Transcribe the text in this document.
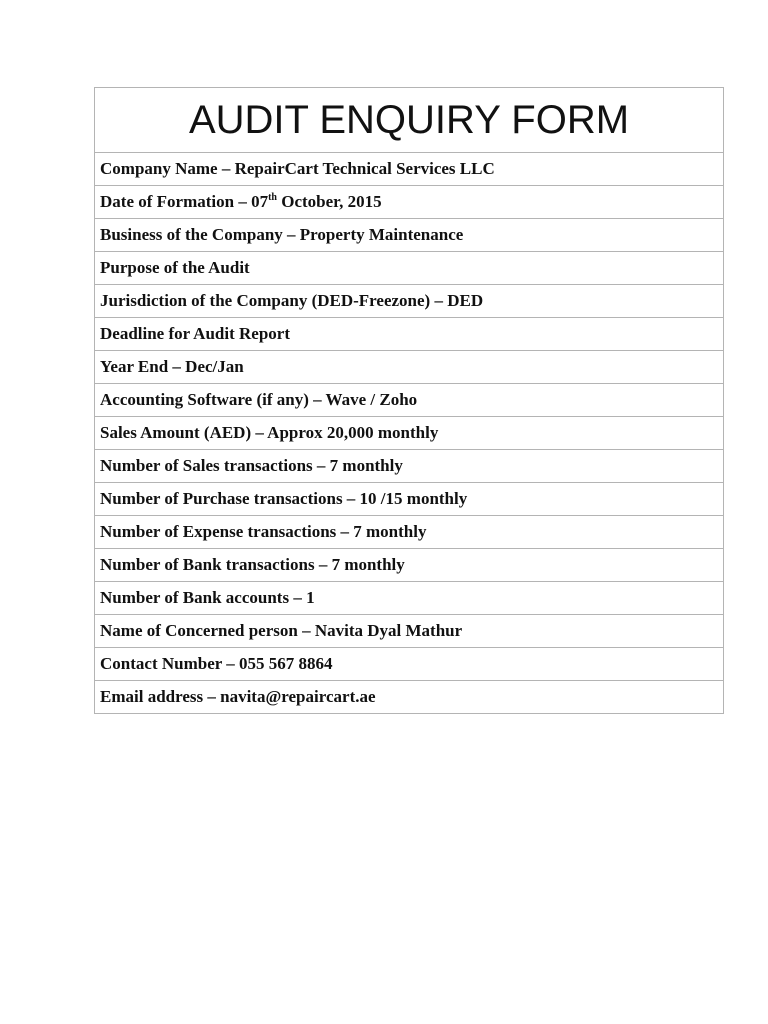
AUDIT ENQUIRY FORM
Company Name – RepairCart Technical Services LLC
Date of Formation – 07th October, 2015
Business of the Company – Property Maintenance
Purpose of the Audit
Jurisdiction of the Company (DED-Freezone) – DED
Deadline for Audit Report
Year End – Dec/Jan
Accounting Software (if any) – Wave / Zoho
Sales Amount (AED) – Approx 20,000 monthly
Number of Sales transactions – 7 monthly
Number of Purchase transactions – 10 /15 monthly
Number of Expense transactions – 7 monthly
Number of Bank transactions – 7 monthly
Number of Bank accounts – 1
Name of Concerned person – Navita Dyal Mathur
Contact Number – 055 567 8864
Email address – navita@repaircart.ae
